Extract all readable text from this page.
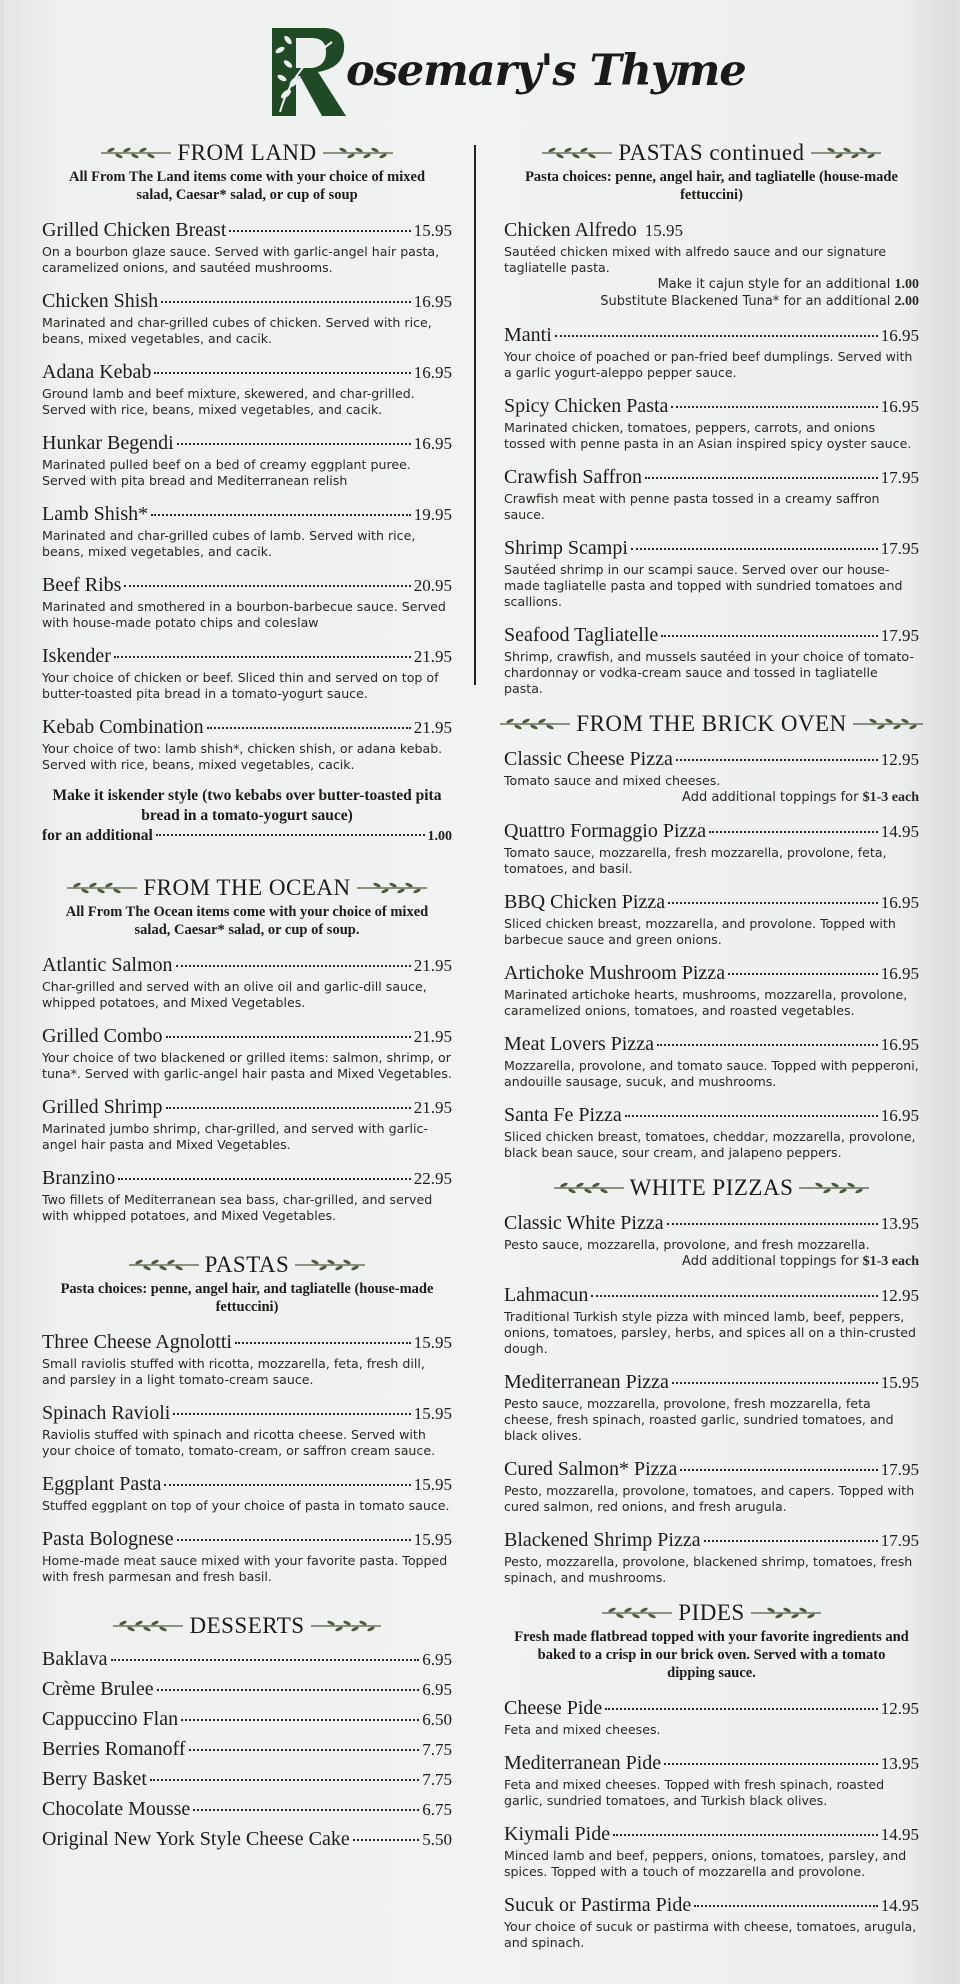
osemary's Thyme
FROM LAND
All From The Land items come with your choice of mixed salad, Caesar* salad, or cup of soup
Grilled Chicken Breast	15.95
On a bourbon glaze sauce. Served with garlic-angel hair pasta, caramelized onions, and sautéed mushrooms.
Chicken Shish	16.95
Marinated and char-grilled cubes of chicken. Served with rice, beans, mixed vegetables, and cacik.
Adana Kebab	16.95
Ground lamb and beef mixture, skewered, and char-grilled. Served with rice, beans, mixed vegetables, and cacik.
Hunkar Begendi	16.95
Marinated pulled beef on a bed of creamy eggplant puree. Served with pita bread and Mediterranean relish
Lamb Shish*	19.95
Marinated and char-grilled cubes of lamb. Served with rice, beans, mixed vegetables, and cacik.
Beef Ribs	20.95
Marinated and smothered in a bourbon-barbecue sauce. Served with house-made potato chips and coleslaw
Iskender	21.95
Your choice of chicken or beef. Sliced thin and served on top of butter-toasted pita bread in a tomato-yogurt sauce.
Kebab Combination	21.95
Your choice of two: lamb shish*, chicken shish, or adana kebab. Served with rice, beans, mixed vegetables, cacik.
Make it iskender style (two kebabs over butter-toasted pita bread in a tomato-yogurt sauce)
for an additional	1.00
FROM THE OCEAN
All From The Ocean items come with your choice of mixed salad, Caesar* salad, or cup of soup.
Atlantic Salmon	21.95
Char-grilled and served with an olive oil and garlic-dill sauce, whipped potatoes, and Mixed Vegetables.
Grilled Combo	21.95
Your choice of two blackened or grilled items: salmon, shrimp, or tuna*. Served with garlic-angel hair pasta and Mixed Vegetables.
Grilled Shrimp	21.95
Marinated jumbo shrimp, char-grilled, and served with garlic-angel hair pasta and Mixed Vegetables.
Branzino	22.95
Two fillets of Mediterranean sea bass, char-grilled, and served with whipped potatoes, and Mixed Vegetables.
PASTAS
Pasta choices: penne, angel hair, and tagliatelle (house-made fettuccini)
Three Cheese Agnolotti	15.95
Small raviolis stuffed with ricotta, mozzarella, feta, fresh dill, and parsley in a light tomato-cream sauce.
Spinach Ravioli	15.95
Raviolis stuffed with spinach and ricotta cheese. Served with your choice of tomato, tomato-cream, or saffron cream sauce.
Eggplant Pasta	15.95
Stuffed eggplant on top of your choice of pasta in tomato sauce.
Pasta Bolognese	15.95
Home-made meat sauce mixed with your favorite pasta. Topped with fresh parmesan and fresh basil.
DESSERTS
Baklava	6.95
Crème Brulee	6.95
Cappuccino Flan	6.50
Berries Romanoff	7.75
Berry Basket	7.75
Chocolate Mousse	6.75
Original New York Style Cheese Cake	5.50
PASTAS continued
Pasta choices: penne, angel hair, and tagliatelle (house-made fettuccini)
Chicken Alfredo 15.95
Sautéed chicken mixed with alfredo sauce and our signature tagliatelle pasta.
Make it cajun style for an additional 1.00
Substitute Blackened Tuna* for an additional 2.00
Manti	16.95
Your choice of poached or pan-fried beef dumplings. Served with a garlic yogurt-aleppo pepper sauce.
Spicy Chicken Pasta	16.95
Marinated chicken, tomatoes, peppers, carrots, and onions tossed with penne pasta in an Asian inspired spicy oyster sauce.
Crawfish Saffron	17.95
Crawfish meat with penne pasta tossed in a creamy saffron sauce.
Shrimp Scampi	17.95
Sautéed shrimp in our scampi sauce. Served over our house-made tagliatelle pasta and topped with sundried tomatoes and scallions.
Seafood Tagliatelle	17.95
Shrimp, crawfish, and mussels sautéed in your choice of tomato-chardonnay or vodka-cream sauce and tossed in tagliatelle pasta.
FROM THE BRICK OVEN
Classic Cheese Pizza	12.95
Tomato sauce and mixed cheeses.
Add additional toppings for $1-3 each
Quattro Formaggio Pizza	14.95
Tomato sauce, mozzarella, fresh mozzarella, provolone, feta, tomatoes, and basil.
BBQ Chicken Pizza	16.95
Sliced chicken breast, mozzarella, and provolone. Topped with barbecue sauce and green onions.
Artichoke Mushroom Pizza	16.95
Marinated artichoke hearts, mushrooms, mozzarella, provolone, caramelized onions, tomatoes, and roasted vegetables.
Meat Lovers Pizza	16.95
Mozzarella, provolone, and tomato sauce. Topped with pepperoni, andouille sausage, sucuk, and mushrooms.
Santa Fe Pizza	16.95
Sliced chicken breast, tomatoes, cheddar, mozzarella, provolone, black bean sauce, sour cream, and jalapeno peppers.
WHITE PIZZAS
Classic White Pizza	13.95
Pesto sauce, mozzarella, provolone, and fresh mozzarella.
Add additional toppings for $1-3 each
Lahmacun	12.95
Traditional Turkish style pizza with minced lamb, beef, peppers, onions, tomatoes, parsley, herbs, and spices all on a thin-crusted dough.
Mediterranean Pizza	15.95
Pesto sauce, mozzarella, provolone, fresh mozzarella, feta cheese, fresh spinach, roasted garlic, sundried tomatoes, and black olives.
Cured Salmon* Pizza	17.95
Pesto, mozzarella, provolone, tomatoes, and capers. Topped with cured salmon, red onions, and fresh arugula.
Blackened Shrimp Pizza	17.95
Pesto, mozzarella, provolone, blackened shrimp, tomatoes, fresh spinach, and mushrooms.
PIDES
Fresh made flatbread topped with your favorite ingredients and baked to a crisp in our brick oven. Served with a tomato dipping sauce.
Cheese Pide	12.95
Feta and mixed cheeses.
Mediterranean Pide	13.95
Feta and mixed cheeses. Topped with fresh spinach, roasted garlic, sundried tomatoes, and Turkish black olives.
Kiymali Pide	14.95
Minced lamb and beef, peppers, onions, tomatoes, parsley, and spices. Topped with a touch of mozzarella and provolone.
Sucuk or Pastirma Pide	14.95
Your choice of sucuk or pastirma with cheese, tomatoes, arugula, and spinach.
